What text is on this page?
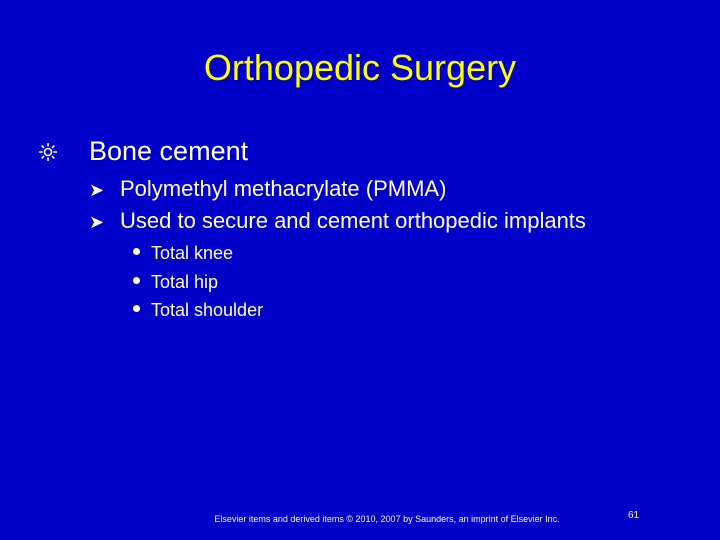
Orthopedic Surgery
Bone cement
➤ Polymethyl methacrylate (PMMA)
➤ Used to secure and cement orthopedic implants
Total knee
Total hip
Total shoulder
Elsevier items and derived items © 2010, 2007 by Saunders, an imprint of Elsevier Inc.	61
